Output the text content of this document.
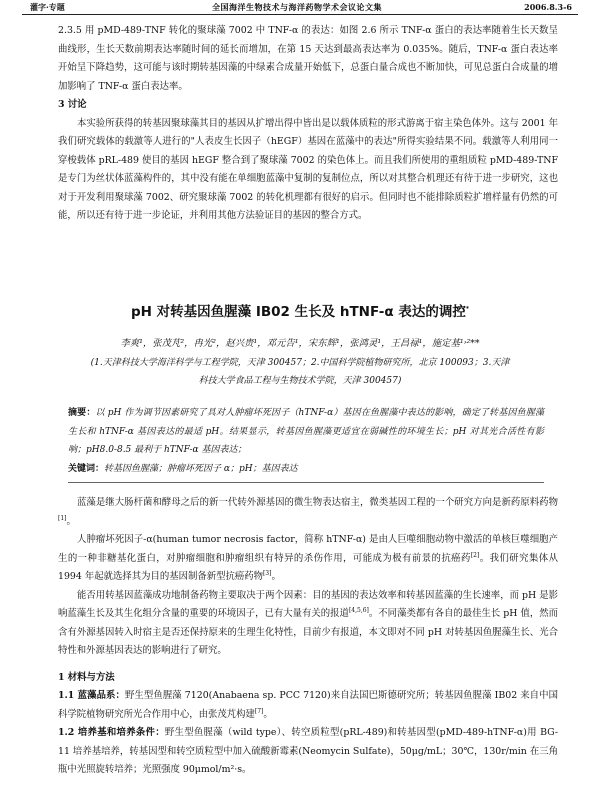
灌字·专题	全国海洋生物技术与海洋药物学术会议论文集	2006.8.3-6

2.3.5 用 pMD-489-TNF 转化的聚球藻 7002 中 TNF-α 的表达：如图 2.6 所示 TNF-α 蛋白的表达率随着生长天数呈曲线形，生长天数前期表达率随时间的延长而增加，在第 15 天达到最高表达率为 0.035%。随后，TNF-α 蛋白表达率开始呈下降趋势，这可能与该时期转基因藻的中绿素合成量开始低下，总蛋白量合成也不断加快，可见总蛋白合成量的增加影响了 TNF-α 蛋白表达率。

3 讨论

本实验所获得的转基因聚球藻其目的基因从扩增出得中皆出是以载体质粒的形式游离于宿主染色体外。这与 2001 年我们研究载体的载激等人进行的"人表皮生长因子（hEGF）基因在蓝藻中的表达"所得实验结果不同。载激等人利用同一穿梭载体 pRL-489 使目的基因 hEGF 整合到了聚球藻 7002 的染色体上。而且我们所使用的重组质粒 pMD-489-TNF 是专门为丝状体蓝藻构件的，其中没有能在单细胞蓝藻中复制的复制位点，所以对其整合机理还有待于进一步研究，这也对于开发利用聚球藻 7002、研究聚球藻 7002 的转化机理都有很好的启示。但同时也不能排除质粒扩增样量有仍然的可能，所以还有待于进一步论证，并利用其他方法验证目的基因的整合方式。

pH 对转基因鱼腥藻 IB02 生长及 hTNF-α 表达的调控*
李爽¹，张茂芃²，冉光²，赵兴贵¹，邓元告¹，宋东辉¹，张鸿灵¹，王昌禄¹，施定基¹˒²**
(1.天津科技大学海洋科学与工程学院，天津 300457；2.中国科学院植物研究所，北京 100093；3.天津
科技大学食品工程与生物技术学院，天津 300457)

摘要：以 pH 作为调节因素研究了具对人肿瘤坏死因子（hTNF-α）基因在鱼腥藻中表达的影响，确定了转基因鱼腥藻生长和 hTNF-α 基因表达的最适 pH。结果显示，转基因鱼腥藻更适宜在弱碱性的环境生长；pH 对其光合活性有影响；pH8.0-8.5 最利于 hTNF-α 基因表达；

关键词：转基因鱼腥藻；肿瘤坏死因子 α；pH；基因表达

蓝藻是继大肠杆菌和酵母之后的新一代转外源基因的微生物表达宿主，微类基因工程的一个研究方向是新药原料药物[1]。

人肿瘤坏死因子-α(human tumor necrosis factor，简称 hTNF-α) 是由人巨噬细胞动物中激活的单核巨噬细胞产生的一种非糖基化蛋白，对肿瘤细胞和肿瘤组织有特异的杀伤作用，可能成为极有前景的抗癌药[2]。我们研究集体从 1994 年起就选择其为目的基因制备新型抗癌药物[3]。

能否用转基因蓝藻成功地制备药物主要取决于两个因素：目的基因的表达效率和转基因蓝藻的生长速率，而 pH 是影响蓝藻生长及其生化组分含量的重要的环境因子，已有大量有关的报道[4,5,6]。不同藻类都有各自的最佳生长 pH 值，然而含有外源基因转入时宿主是否还保持原来的生理生化特性，目前少有报道，本文即对不同 pH 对转基因鱼腥藻生长、光合特性和外源基因表达的影响进行了研究。

1 材料与方法

1.1 蓝藻品系：野生型鱼腥藻 7120(Anabaena sp. PCC 7120)来自法国巴斯德研究所；转基因鱼腥藻 IB02 来自中国科学院植物研究所光合作用中心，由张茂芃构建[7]。

1.2 培养基和培养条件：野生型鱼腥藻（wild type）、转空质粒型(pRL-489)和转基因型(pMD-489-hTNF-α)用 BG-11 培养基培养，转基因型和转空质粒型中加入硫酸新霉素(Neomycin Sulfate)，50μg/mL；30℃，130r/min 在三角瓶中光照旋转培养；光照强度 90μmol/m²·s。
